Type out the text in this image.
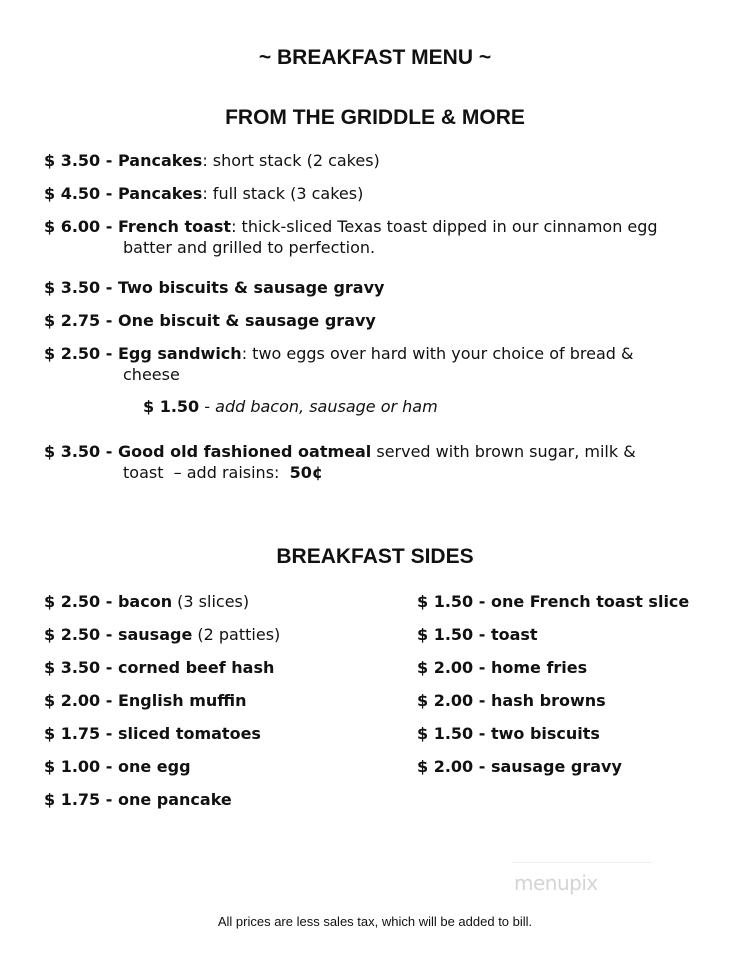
~ BREAKFAST MENU ~
FROM THE GRIDDLE & MORE
$ 3.50 - Pancakes: short stack (2 cakes)
$ 4.50 - Pancakes: full stack (3 cakes)
$ 6.00 - French toast: thick-sliced Texas toast dipped in our cinnamon egg
batter and grilled to perfection.
$ 3.50 - Two biscuits & sausage gravy
$ 2.75 - One biscuit & sausage gravy
$ 2.50 - Egg sandwich: two eggs over hard with your choice of bread &
cheese
$ 1.50 - add bacon, sausage or ham
$ 3.50 - Good old fashioned oatmeal served with brown sugar, milk &
toast  – add raisins:  50¢
BREAKFAST SIDES
$ 2.50 - bacon (3 slices)
$ 2.50 - sausage (2 patties)
$ 3.50 - corned beef hash
$ 2.00 - English muffin
$ 1.75 - sliced tomatoes
$ 1.00 - one egg
$ 1.75 - one pancake
$ 1.50 - one French toast slice
$ 1.50 - toast
$ 2.00 - home fries
$ 2.00 - hash browns
$ 1.50 - two biscuits
$ 2.00 - sausage gravy
menupix
All prices are less sales tax, which will be added to bill.
